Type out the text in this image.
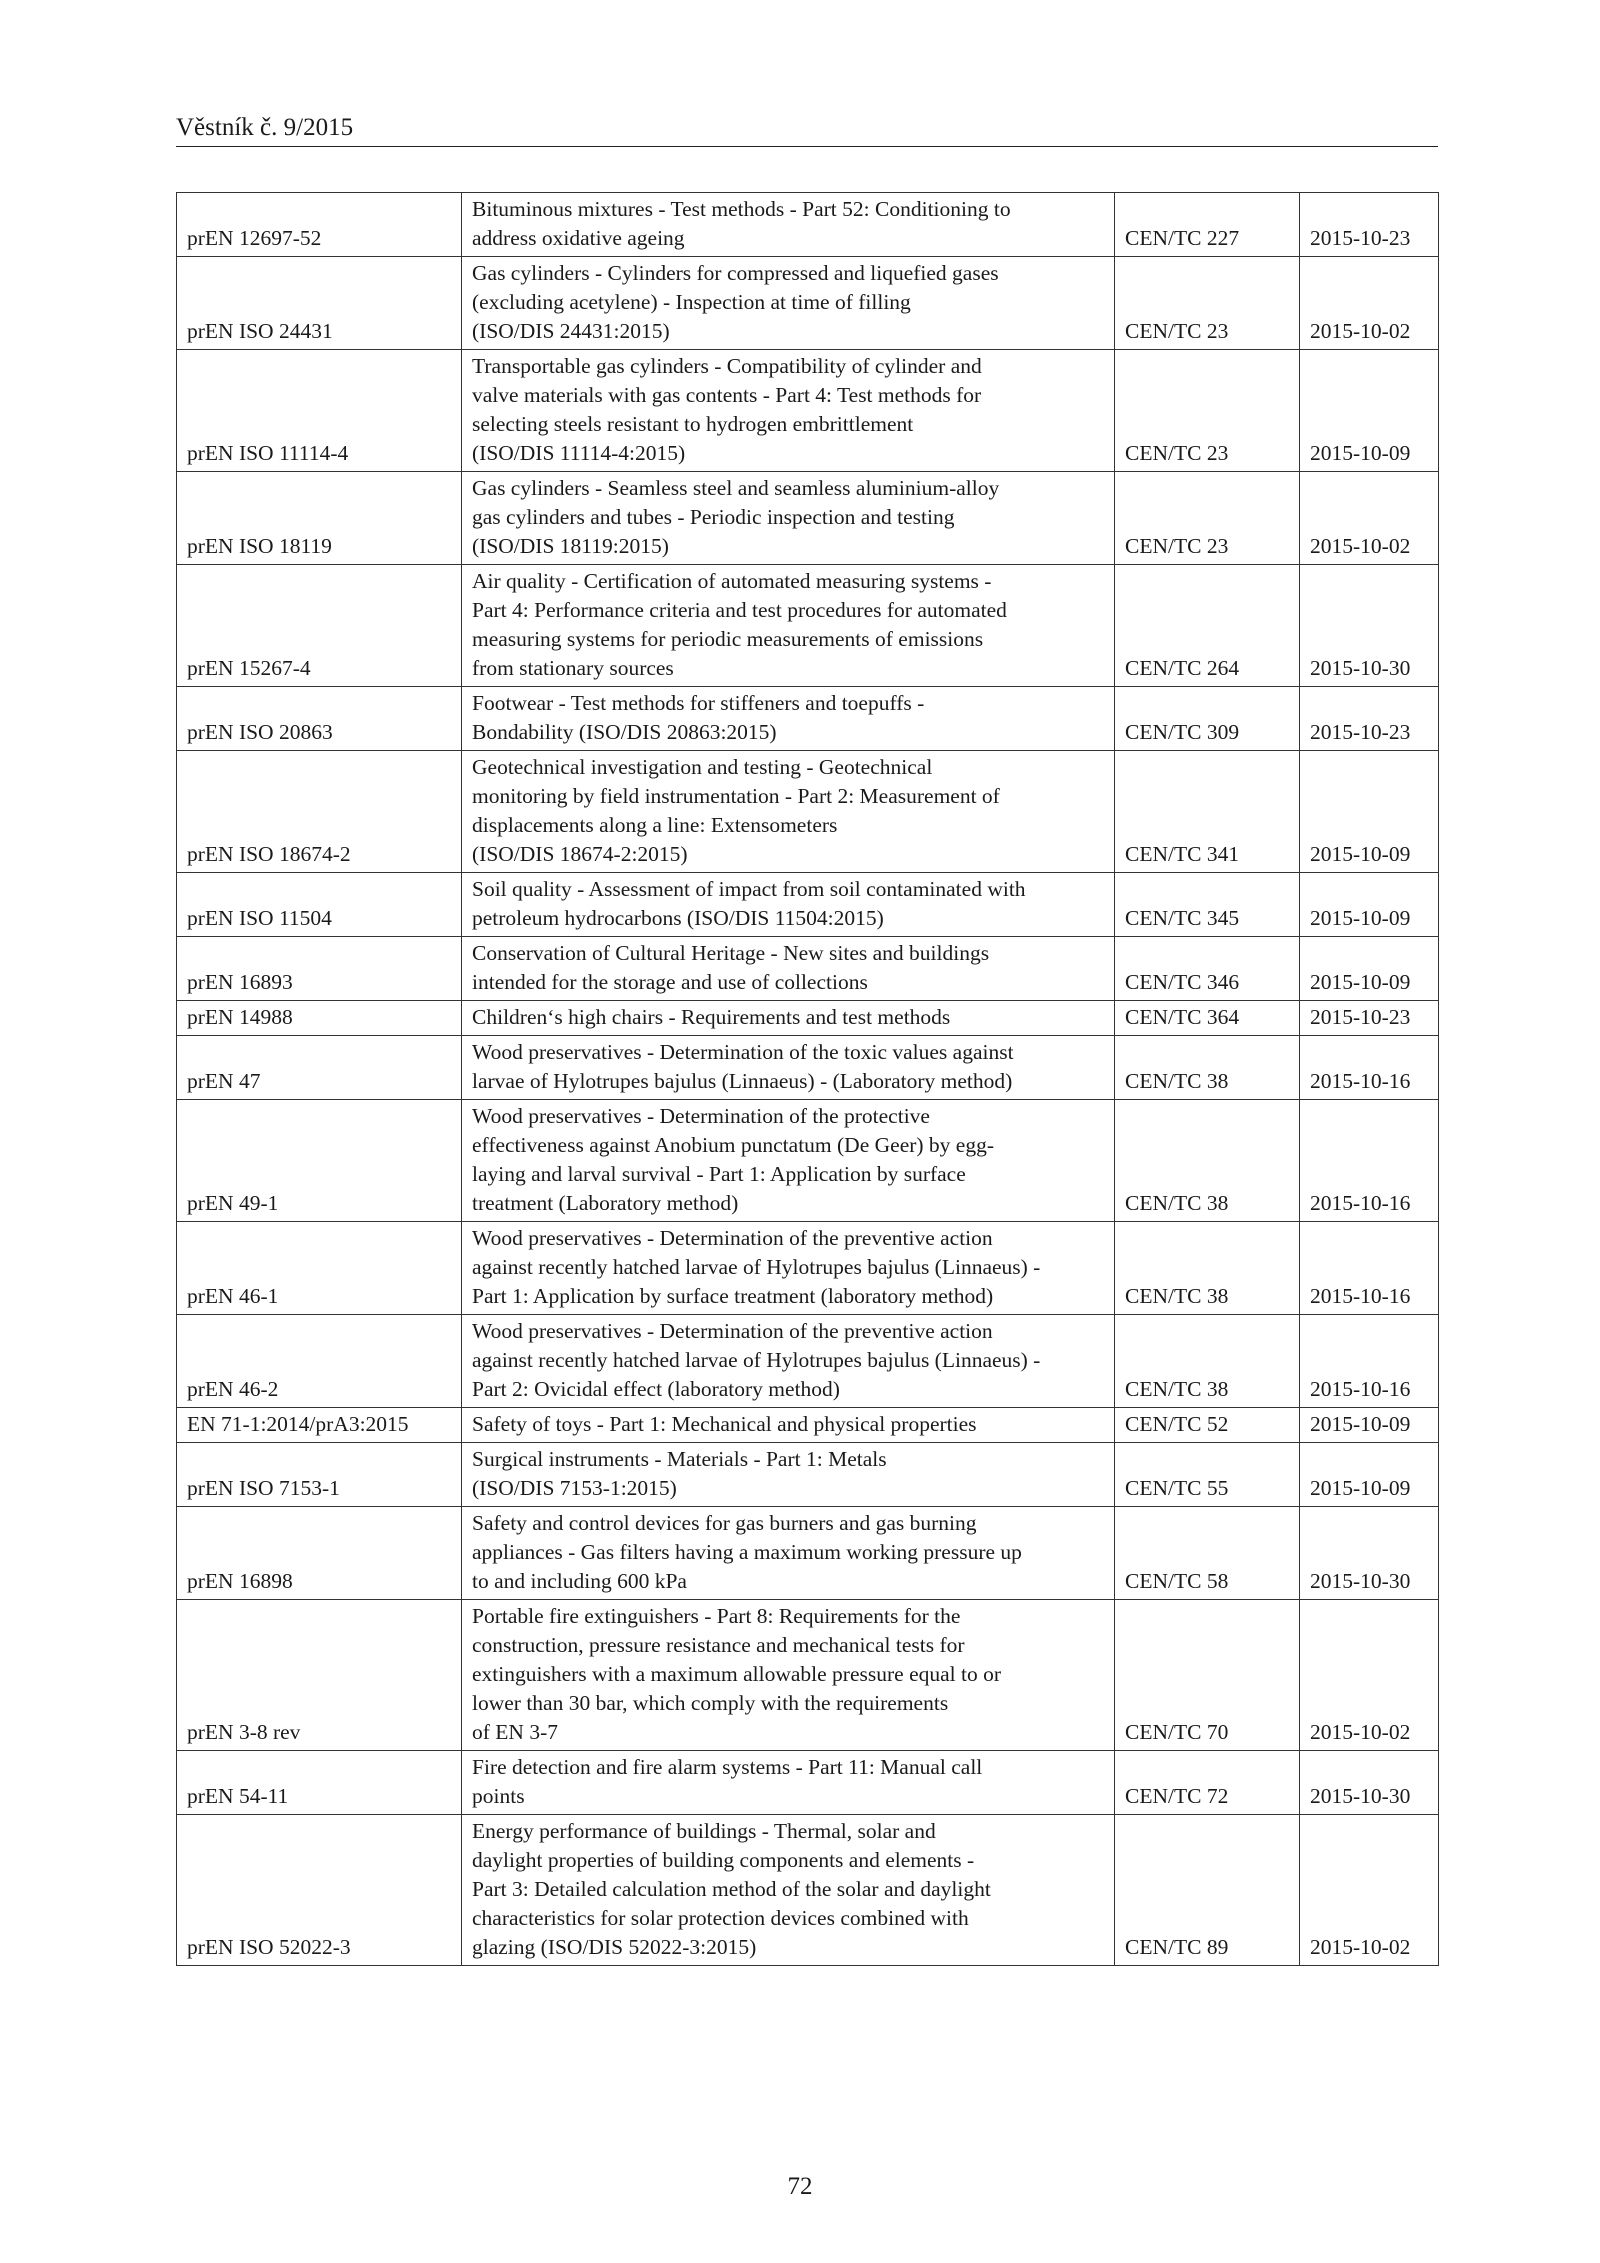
Věstník č. 9/2015
prEN 12697-52	Bituminous mixtures - Test methods - Part 52: Conditioning to
address oxidative ageing	CEN/TC 227	2015-10-23
prEN ISO 24431	Gas cylinders - Cylinders for compressed and liquefied gases
(excluding acetylene) - Inspection at time of filling
(ISO/DIS 24431:2015)	CEN/TC 23	2015-10-02
prEN ISO 11114-4	Transportable gas cylinders - Compatibility of cylinder and
valve materials with gas contents - Part 4: Test methods for
selecting steels resistant to hydrogen embrittlement
(ISO/DIS 11114-4:2015)	CEN/TC 23	2015-10-09
prEN ISO 18119	Gas cylinders - Seamless steel and seamless aluminium-alloy
gas cylinders and tubes - Periodic inspection and testing
(ISO/DIS 18119:2015)	CEN/TC 23	2015-10-02
prEN 15267-4	Air quality - Certification of automated measuring systems -
Part 4: Performance criteria and test procedures for automated
measuring systems for periodic measurements of emissions
from stationary sources	CEN/TC 264	2015-10-30
prEN ISO 20863	Footwear - Test methods for stiffeners and toepuffs -
Bondability (ISO/DIS 20863:2015)	CEN/TC 309	2015-10-23
prEN ISO 18674-2	Geotechnical investigation and testing - Geotechnical
monitoring by field instrumentation - Part 2: Measurement of
displacements along a line: Extensometers
(ISO/DIS 18674-2:2015)	CEN/TC 341	2015-10-09
prEN ISO 11504	Soil quality - Assessment of impact from soil contaminated with
petroleum hydrocarbons (ISO/DIS 11504:2015)	CEN/TC 345	2015-10-09
prEN 16893	Conservation of Cultural Heritage - New sites and buildings
intended for the storage and use of collections	CEN/TC 346	2015-10-09
prEN 14988	Children‘s high chairs - Requirements and test methods	CEN/TC 364	2015-10-23
prEN 47	Wood preservatives - Determination of the toxic values against
larvae of Hylotrupes bajulus (Linnaeus) - (Laboratory method)	CEN/TC 38	2015-10-16
prEN 49-1	Wood preservatives - Determination of the protective
effectiveness against Anobium punctatum (De Geer) by egg-
laying and larval survival - Part 1: Application by surface
treatment (Laboratory method)	CEN/TC 38	2015-10-16
prEN 46-1	Wood preservatives - Determination of the preventive action
against recently hatched larvae of Hylotrupes bajulus (Linnaeus) -
Part 1: Application by surface treatment (laboratory method)	CEN/TC 38	2015-10-16
prEN 46-2	Wood preservatives - Determination of the preventive action
against recently hatched larvae of Hylotrupes bajulus (Linnaeus) -
Part 2: Ovicidal effect (laboratory method)	CEN/TC 38	2015-10-16
EN 71-1:2014/prA3:2015	Safety of toys - Part 1: Mechanical and physical properties	CEN/TC 52	2015-10-09
prEN ISO 7153-1	Surgical instruments - Materials - Part 1: Metals
(ISO/DIS 7153-1:2015)	CEN/TC 55	2015-10-09
prEN 16898	Safety and control devices for gas burners and gas burning
appliances - Gas filters having a maximum working pressure up
to and including 600 kPa	CEN/TC 58	2015-10-30
prEN 3-8 rev	Portable fire extinguishers - Part 8: Requirements for the
construction, pressure resistance and mechanical tests for
extinguishers with a maximum allowable pressure equal to or
lower than 30 bar, which comply with the requirements
of EN 3-7	CEN/TC 70	2015-10-02
prEN 54-11	Fire detection and fire alarm systems - Part 11: Manual call
points	CEN/TC 72	2015-10-30
prEN ISO 52022-3	Energy performance of buildings - Thermal, solar and
daylight properties of building components and elements -
Part 3: Detailed calculation method of the solar and daylight
characteristics for solar protection devices combined with
glazing (ISO/DIS 52022-3:2015)	CEN/TC 89	2015-10-02
72
